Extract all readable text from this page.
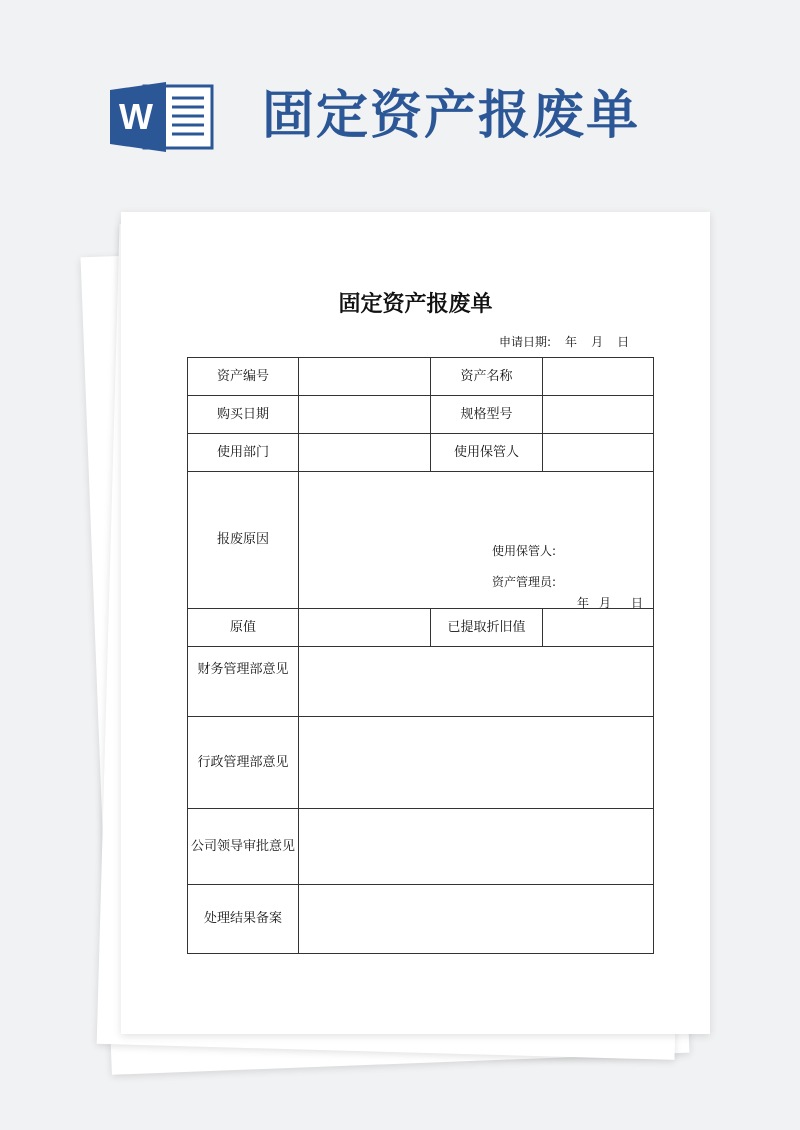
W 固定资产报废单
固定资产报废单
申请日期: 年 月 日
资产编号		资产名称	
购买日期		规格型号	
使用部门		使用保管人	
报废原因	使用保管人:
资产管理员:
年 月 日		

原值		已提取折旧值	
财务管理部意见			
行政管理部意见			
公司领导审批意见			
处理结果备案			
